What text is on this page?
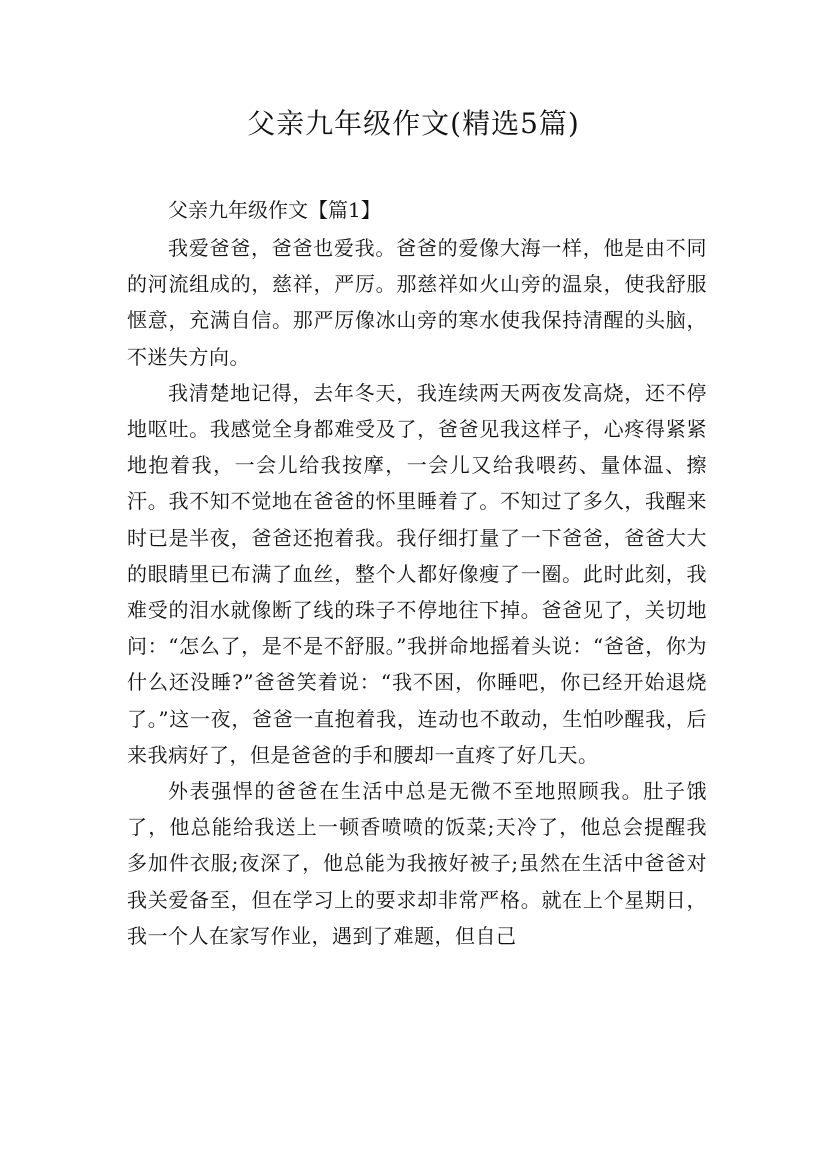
父亲九年级作文(精选5篇)

父亲九年级作文【篇1】

我爱爸爸，爸爸也爱我。爸爸的爱像大海一样，他是由不同的河流组成的，慈祥，严厉。那慈祥如火山旁的温泉，使我舒服惬意，充满自信。那严厉像冰山旁的寒水使我保持清醒的头脑，不迷失方向。

我清楚地记得，去年冬天，我连续两天两夜发高烧，还不停地呕吐。我感觉全身都难受及了，爸爸见我这样子，心疼得紧紧地抱着我，一会儿给我按摩，一会儿又给我喂药、量体温、擦汗。我不知不觉地在爸爸的怀里睡着了。不知过了多久，我醒来时已是半夜，爸爸还抱着我。我仔细打量了一下爸爸，爸爸大大的眼睛里已布满了血丝，整个人都好像瘦了一圈。此时此刻，我难受的泪水就像断了线的珠子不停地往下掉。爸爸见了，关切地问：“怎么了，是不是不舒服。”我拼命地摇着头说：“爸爸，你为什么还没睡?”爸爸笑着说：“我不困，你睡吧，你已经开始退烧了。”这一夜，爸爸一直抱着我，连动也不敢动，生怕吵醒我，后来我病好了，但是爸爸的手和腰却一直疼了好几天。

外表强悍的爸爸在生活中总是无微不至地照顾我。肚子饿了，他总能给我送上一顿香喷喷的饭菜;天冷了，他总会提醒我多加件衣服;夜深了，他总能为我掖好被子;虽然在生活中爸爸对我关爱备至，但在学习上的要求却非常严格。就在上个星期日，我一个人在家写作业，遇到了难题，但自己
